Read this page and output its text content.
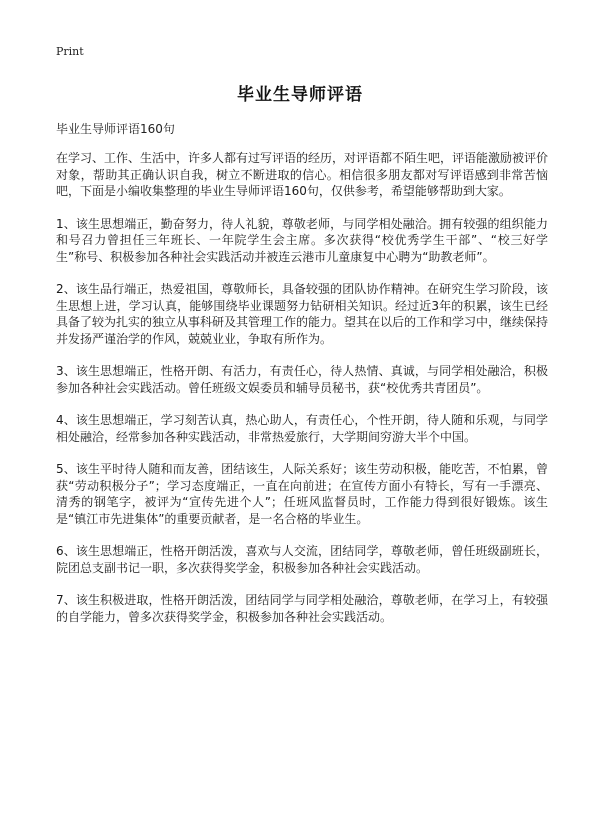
Print
毕业生导师评语
毕业生导师评语160句

在学习、工作、生活中，许多人都有过写评语的经历，对评语都不陌生吧，评语能激励被评价对象，帮助其正确认识自我，树立不断进取的信心。相信很多朋友都对写评语感到非常苦恼吧，下面是小编收集整理的毕业生导师评语160句，仅供参考，希望能够帮助到大家。

1、该生思想端正，勤奋努力，待人礼貌，尊敬老师，与同学相处融洽。拥有较强的组织能力和号召力曾担任三年班长、一年院学生会主席。多次获得“校优秀学生干部”、“校三好学生”称号、积极参加各种社会实践活动并被连云港市儿童康复中心聘为“助教老师”。

2、该生品行端正，热爱祖国，尊敬师长，具备较强的团队协作精神。在研究生学习阶段，该生思想上进，学习认真，能够围绕毕业课题努力钻研相关知识。经过近3年的积累，该生已经具备了较为扎实的独立从事科研及其管理工作的能力。望其在以后的工作和学习中，继续保持并发扬严谨治学的作风，兢兢业业，争取有所作为。

3、该生思想端正，性格开朗、有活力，有责任心，待人热情、真诚，与同学相处融洽，积极参加各种社会实践活动。曾任班级文娱委员和辅导员秘书，获“校优秀共青团员”。

4、该生思想端正，学习刻苦认真，热心助人，有责任心，个性开朗，待人随和乐观，与同学相处融洽，经常参加各种实践活动，非常热爱旅行，大学期间穷游大半个中国。

5、该生平时待人随和而友善，团结该生，人际关系好；该生劳动积极，能吃苦，不怕累，曾获“劳动积极分子”；学习态度端正，一直在向前进；在宣传方面小有特长，写有一手漂亮、清秀的钢笔字，被评为“宣传先进个人”；任班风监督员时，工作能力得到很好锻炼。该生是“镇江市先进集体”的重要贡献者，是一名合格的毕业生。

6、该生思想端正，性格开朗活泼，喜欢与人交流，团结同学，尊敬老师，曾任班级副班长，院团总支副书记一职，多次获得奖学金，积极参加各种社会实践活动。

7、该生积极进取，性格开朗活泼，团结同学与同学相处融洽，尊敬老师，在学习上，有较强的自学能力，曾多次获得奖学金，积极参加各种社会实践活动。
